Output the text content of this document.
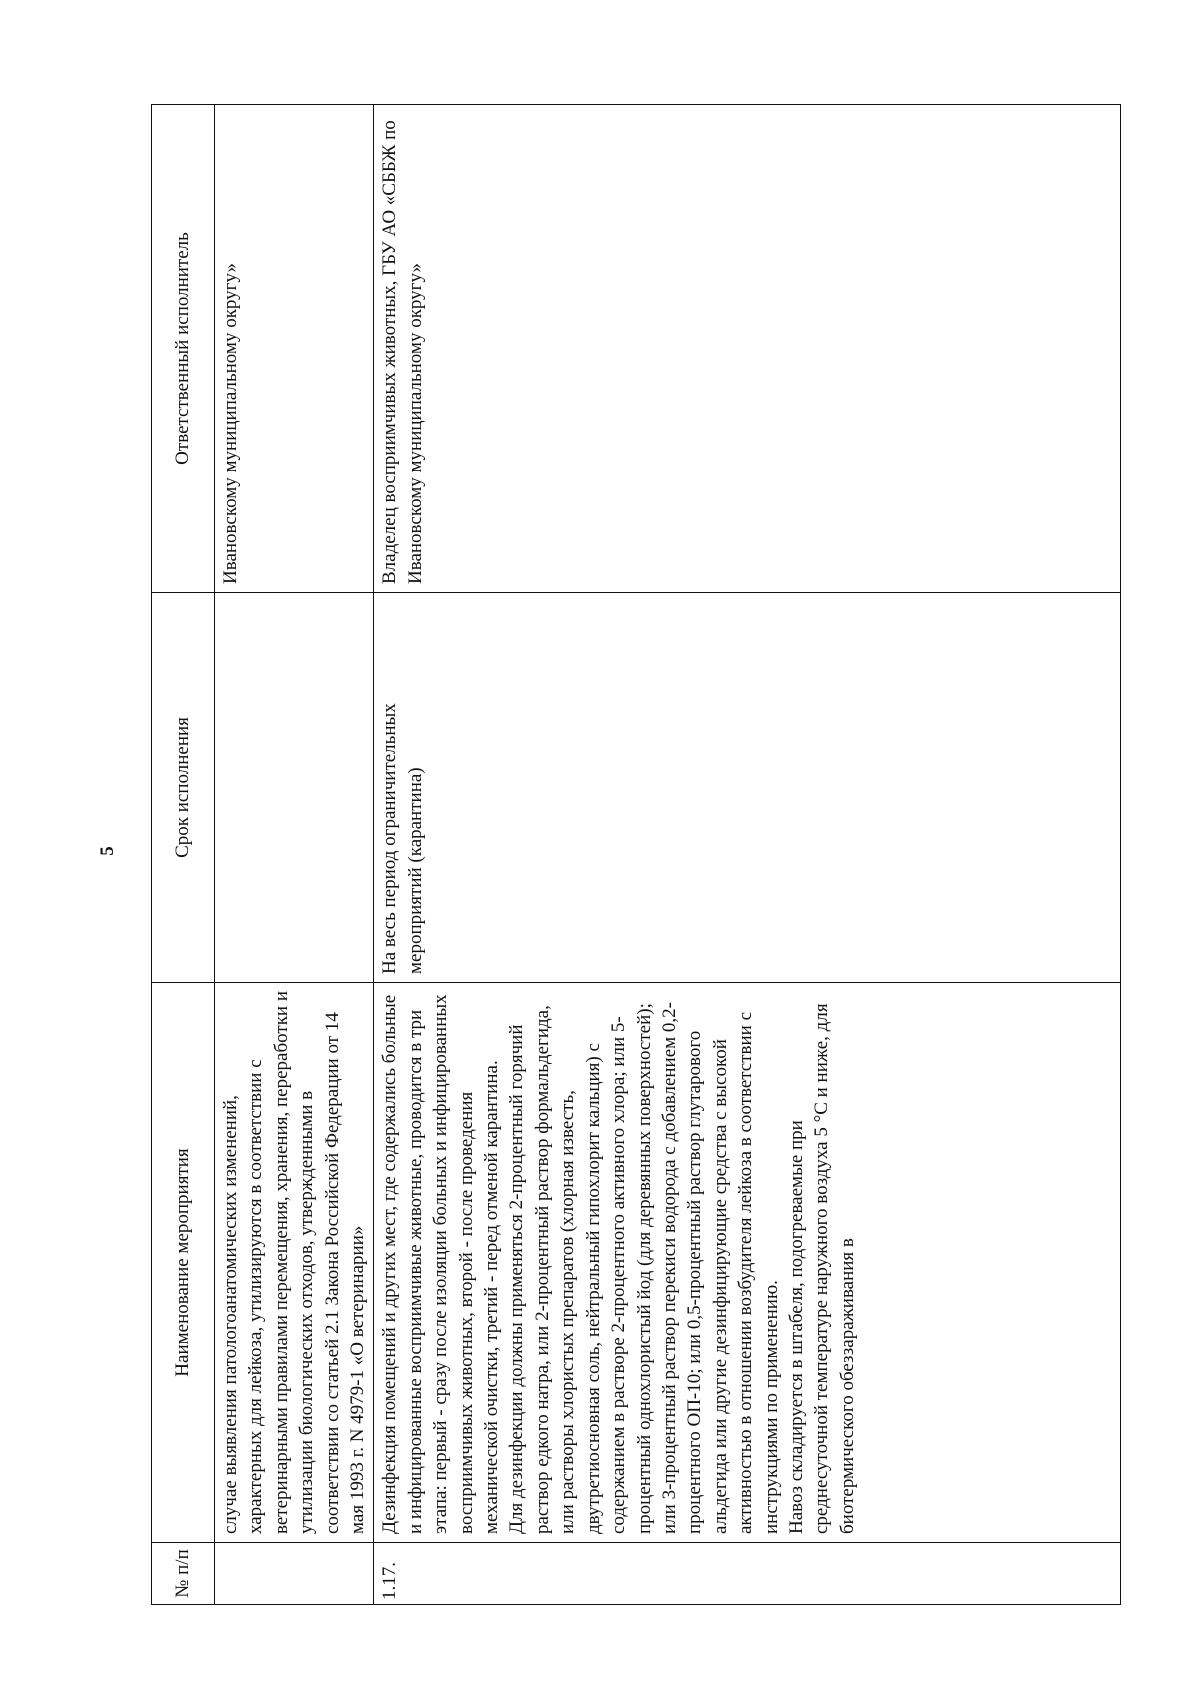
5
№ п/п	Наименование мероприятия	Срок исполнения	Ответственный исполнитель

	случае выявления патологоанатомических изменений, характерных для лейкоза, утилизируются в соответствии с ветеринарными правилами перемещения, хранения, переработки и утилизации биологических отходов, утвержденными в соответствии со статьей 2.1 Закона Российской Федерации от 14 мая 1993 г. N 4979-1 «О ветеринарии»		Ивановскому муниципальному округу»
1.17.	Дезинфекция помещений и других мест, где содержались больные и инфицированные восприимчивые животные, проводится в три этапа: первый - сразу после изоляции больных и инфицированных восприимчивых животных, второй - после проведения механической очистки, третий - перед отменой карантина. Для дезинфекции должны применяться 2-процентный горячий раствор едкого натра, или 2-процентный раствор формальдегида, или растворы хлористых препаратов (хлорная известь, двутретиосновная соль, нейтральный гипохлорит кальция) с содержанием в растворе 2-процентного активного хлора; или 5-процентный однохлористый йод (для деревянных поверхностей); или 3-процентный раствор перекиси водорода с добавлением 0,2-процентного ОП-10; или 0,5-процентный раствор глутарового альдегида или другие дезинфицирующие средства с высокой активностью в отношении возбудителя лейкоза в соответствии с инструкциями по применению. Навоз складируется в штабеля, подогреваемые при среднесуточной температуре наружного воздуха 5 °С и ниже, для биотермического обеззараживания в	На весь период ограничительных мероприятий (карантина)	Владелец восприимчивых животных, ГБУ АО «СББЖ по Ивановскому муниципальному округу»
